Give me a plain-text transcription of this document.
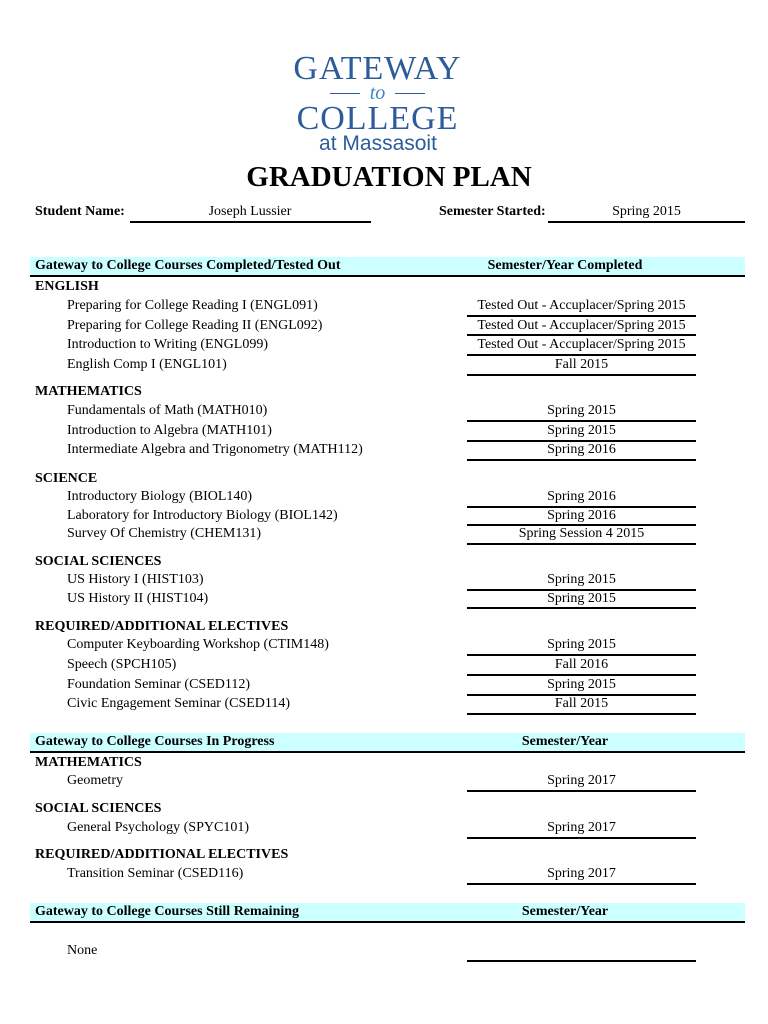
GATEWAY
to
COLLEGE
at Massasoit
GRADUATION PLAN
Student Name:	Joseph Lussier	Semester Started:	Spring 2015
Gateway to College Courses Completed/Tested Out	Semester/Year Completed
ENGLISH
Preparing for College Reading I (ENGL091)	Tested Out - Accuplacer/Spring 2015
Preparing for College Reading II (ENGL092)	Tested Out - Accuplacer/Spring 2015
Introduction to Writing (ENGL099)	Tested Out - Accuplacer/Spring 2015
English Comp I (ENGL101)	Fall 2015
MATHEMATICS
Fundamentals of Math (MATH010)	Spring 2015
Introduction to Algebra (MATH101)	Spring 2015
Intermediate Algebra and Trigonometry (MATH112)	Spring 2016
SCIENCE
Introductory Biology (BIOL140)	Spring 2016
Laboratory for Introductory Biology (BIOL142)	Spring 2016
Survey Of Chemistry (CHEM131)	Spring Session 4 2015
SOCIAL SCIENCES
US History I (HIST103)	Spring 2015
US History II (HIST104)	Spring 2015
REQUIRED/ADDITIONAL ELECTIVES
Computer Keyboarding Workshop (CTIM148)	Spring 2015
Speech (SPCH105)	Fall 2016
Foundation Seminar (CSED112)	Spring 2015
Civic Engagement Seminar (CSED114)	Fall 2015
Gateway to College Courses In Progress	Semester/Year
MATHEMATICS
Geometry	Spring 2017
SOCIAL SCIENCES
General Psychology (SPYC101)	Spring 2017
REQUIRED/ADDITIONAL ELECTIVES
Transition Seminar (CSED116)	Spring 2017
Gateway to College Courses Still Remaining	Semester/Year
None
